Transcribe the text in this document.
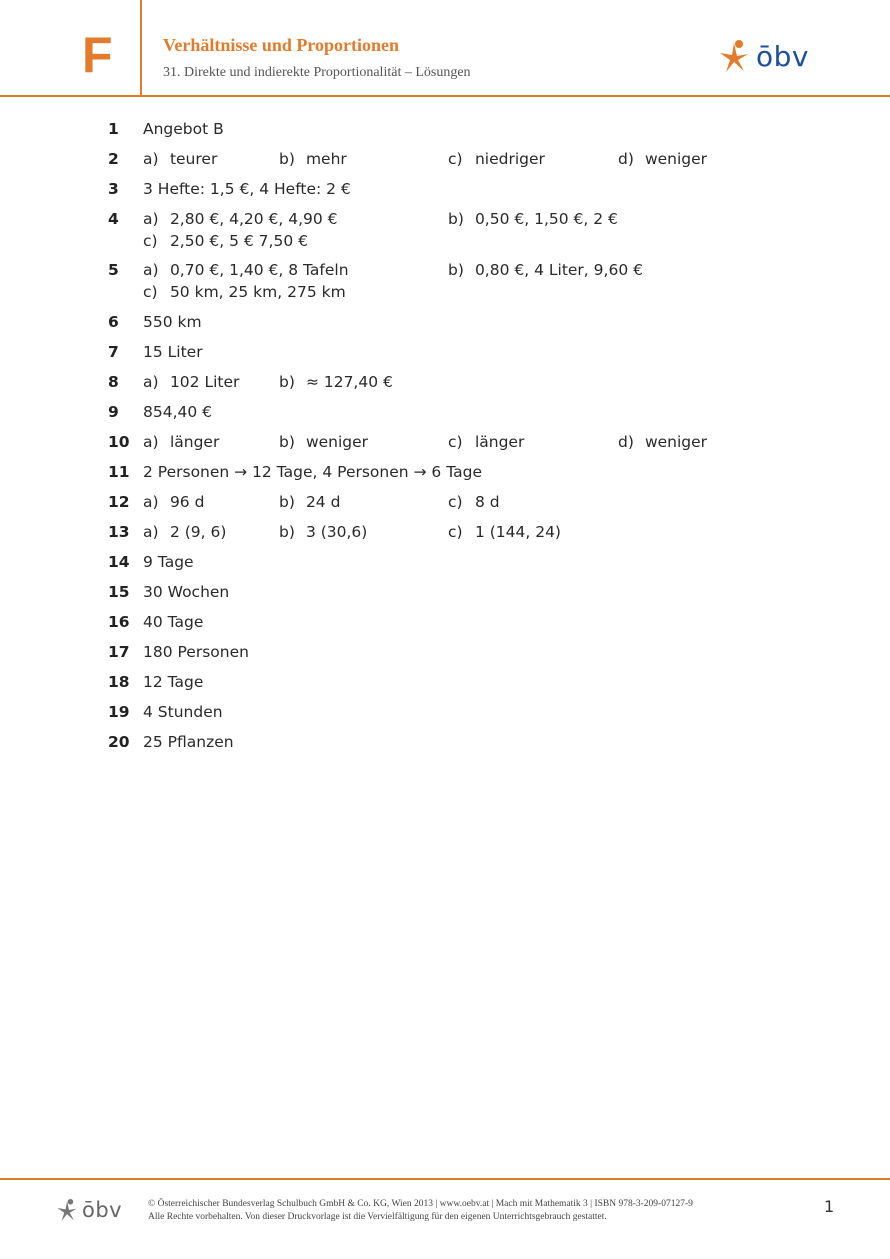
F	Verhältnisse und Proportionen
31. Direkte und indierekte Proportionalität – Lösungen	ōbv
1 Angebot B
2 a) teurer	b) mehr	c) niedriger	d) weniger
3 3 Hefte: 1,5 €, 4 Hefte: 2 €
4 a) 2,80 €, 4,20 €, 4,90 €	b) 0,50 €, 1,50 €, 2 €
c) 2,50 €, 5 € 7,50 €
5 a) 0,70 €, 1,40 €, 8 Tafeln	b) 0,80 €, 4 Liter, 9,60 €
c) 50 km, 25 km, 275 km
6 550 km
7 15 Liter
8 a) 102 Liter	b) ≈ 127,40 €
9 854,40 €
10 a) länger	b) weniger	c) länger	d) weniger
11 2 Personen → 12 Tage, 4 Personen → 6 Tage
12 a) 96 d	b) 24 d	c) 8 d
13 a) 2 (9, 6)	b) 3 (30,6)	c) 1 (144, 24)
14 9 Tage
15 30 Wochen
16 40 Tage
17 180 Personen
18 12 Tage
19 4 Stunden
20 25 Pflanzen
ōbv	© Österreichischer Bundesverlag Schulbuch GmbH & Co. KG, Wien 2013 | www.oebv.at | Mach mit Mathematik 3 | ISBN 978-3-209-07127-9
Alle Rechte vorbehalten. Von dieser Druckvorlage ist die Vervielfältigung für den eigenen Unterrichtsgebrauch gestattet.
1
